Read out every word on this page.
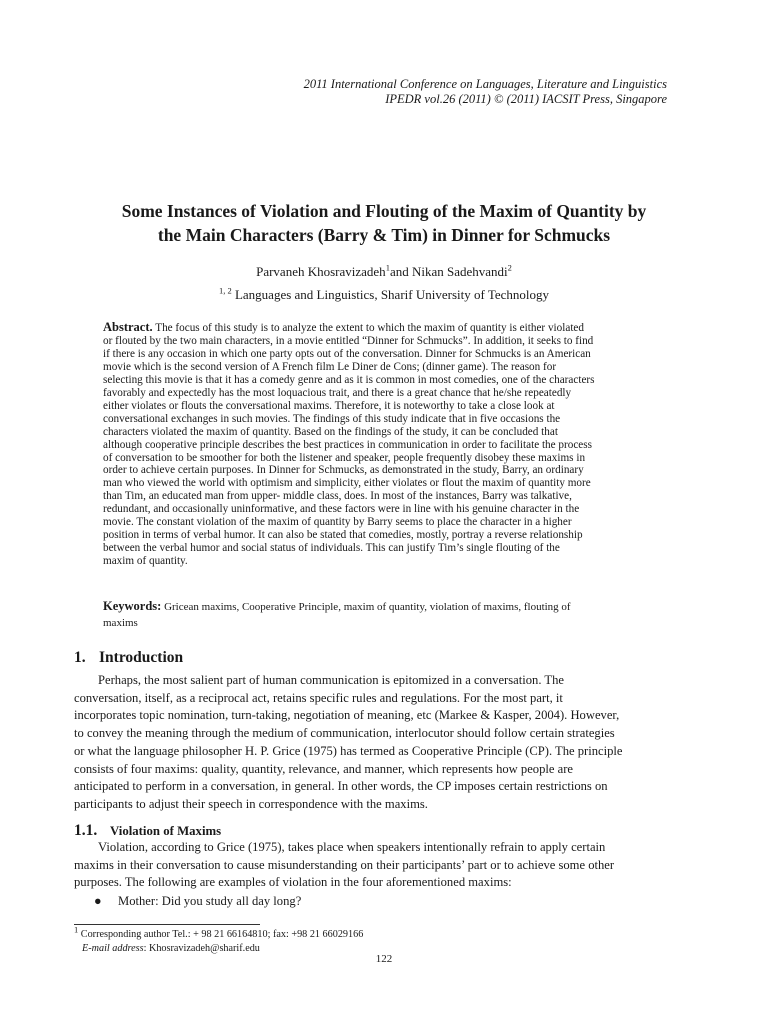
2011 International Conference on Languages, Literature and Linguistics
IPEDR vol.26 (2011) © (2011) IACSIT Press, Singapore
Some Instances of Violation and Flouting of the Maxim of Quantity by
the Main Characters (Barry & Tim) in Dinner for Schmucks
Parvaneh Khosravizadeh$^1$and Nikan Sadehvandi$^2$
$^{1, 2}$ Languages and Linguistics, Sharif University of Technology
Abstract. The focus of this study is to analyze the extent to which the maxim of quantity is either violated
or flouted by the two main characters, in a movie entitled “Dinner for Schmucks”. In addition, it seeks to find
if there is any occasion in which one party opts out of the conversation. Dinner for Schmucks is an American
movie which is the second version of A French film Le Diner de Cons; (dinner game). The reason for
selecting this movie is that it has a comedy genre and as it is common in most comedies, one of the characters
favorably and expectedly has the most loquacious trait, and there is a great chance that he/she repeatedly
either violates or flouts the conversational maxims. Therefore, it is noteworthy to take a close look at
conversational exchanges in such movies. The findings of this study indicate that in five occasions the
characters violated the maxim of quantity. Based on the findings of the study, it can be concluded that
although cooperative principle describes the best practices in communication in order to facilitate the process
of conversation to be smoother for both the listener and speaker, people frequently disobey these maxims in
order to achieve certain purposes. In Dinner for Schmucks, as demonstrated in the study, Barry, an ordinary
man who viewed the world with optimism and simplicity, either violates or flout the maxim of quantity more
than Tim, an educated man from upper- middle class, does. In most of the instances, Barry was talkative,
redundant, and occasionally uninformative, and these factors were in line with his genuine character in the
movie. The constant violation of the maxim of quantity by Barry seems to place the character in a higher
position in terms of verbal humor. It can also be stated that comedies, mostly, portray a reverse relationship
between the verbal humor and social status of individuals. This can justify Tim’s single flouting of the
maxim of quantity.
Keywords: Gricean maxims, Cooperative Principle, maxim of quantity, violation of maxims, flouting of
maxims
1. Introduction
Perhaps, the most salient part of human communication is epitomized in a conversation. The
conversation, itself, as a reciprocal act, retains specific rules and regulations. For the most part, it
incorporates topic nomination, turn-taking, negotiation of meaning, etc (Markee & Kasper, 2004). However,
to convey the meaning through the medium of communication, interlocutor should follow certain strategies
or what the language philosopher H. P. Grice (1975) has termed as Cooperative Principle (CP). The principle
consists of four maxims: quality, quantity, relevance, and manner, which represents how people are
anticipated to perform in a conversation, in general. In other words, the CP imposes certain restrictions on
participants to adjust their speech in correspondence with the maxims.
1.1. Violation of Maxims
Violation, according to Grice (1975), takes place when speakers intentionally refrain to apply certain
maxims in their conversation to cause misunderstanding on their participants’ part or to achieve some other
purposes. The following are examples of violation in the four aforementioned maxims:
● Mother: Did you study all day long?
$^1$ Corresponding author Tel.: + 98 21 66164810; fax: +98 21 66029166
E-mail address: Khosravizadeh@sharif.edu
122
